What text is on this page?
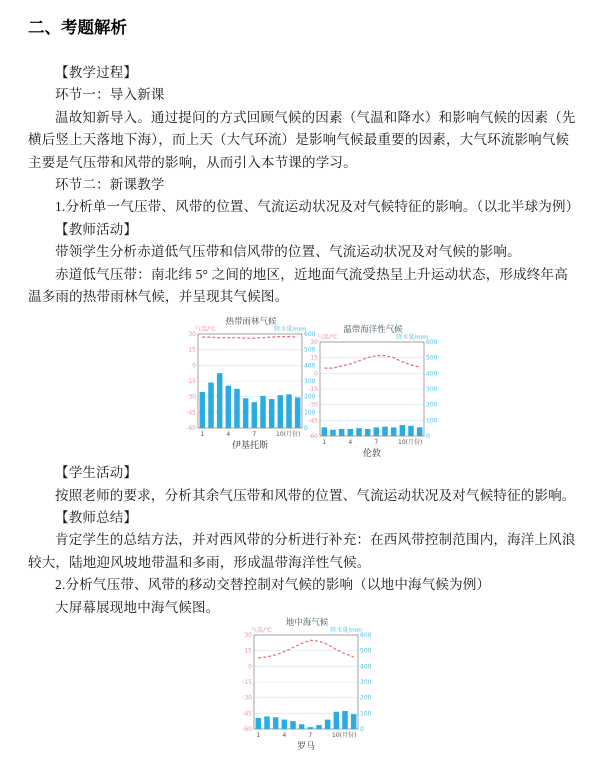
二、考题解析
【教学过程】
环节一：导入新课
温故知新导入。通过提问的方式回顾气候的因素（气温和降水）和影响气候的因素（先
横后竖上天落地下海），而上天（大气环流）是影响气候最重要的因素，大气环流影响气候
主要是气压带和风带的影响，从而引入本节课的学习。
环节二：新课教学
1.分析单一气压带、风带的位置、气流运动状况及对气候特征的影响。（以北半球为例）
【教师活动】
带领学生分析赤道低气压带和信风带的位置、气流运动状况及对气候的影响。
赤道低气压带：南北纬 5° 之间的地区，近地面气流受热呈上升运动状态，形成终年高
温多雨的热带雨林气候，并呈现其气候图。
热带雨林气候
气温/℃	降水量/mm
30
15
0
-15
-30
-45
-60
600
500
400
300
200
100
0
1	4	7	10(月份)
伊基托斯
温带海洋性气候
气温/℃	降水量/mm
30
15
0
-15
-30
-45
-60
600
500
400
300
200
100
0
1	4	7	10(月份)
伦敦
【学生活动】
按照老师的要求，分析其余气压带和风带的位置、气流运动状况及对气候特征的影响。
【教师总结】
肯定学生的总结方法，并对西风带的分析进行补充：在西风带控制范围内，海洋上风浪
较大，陆地迎风坡地带温和多雨，形成温带海洋性气候。
2.分析气压带、风带的移动交替控制对气候的影响（以地中海气候为例）
大屏幕展现地中海气候图。
地中海气候
气温/℃	降水量/mm
30
15
0
-15
-30
-45
-60
600
500
400
300
200
100
0
1	4	7	10(月份)
罗马
